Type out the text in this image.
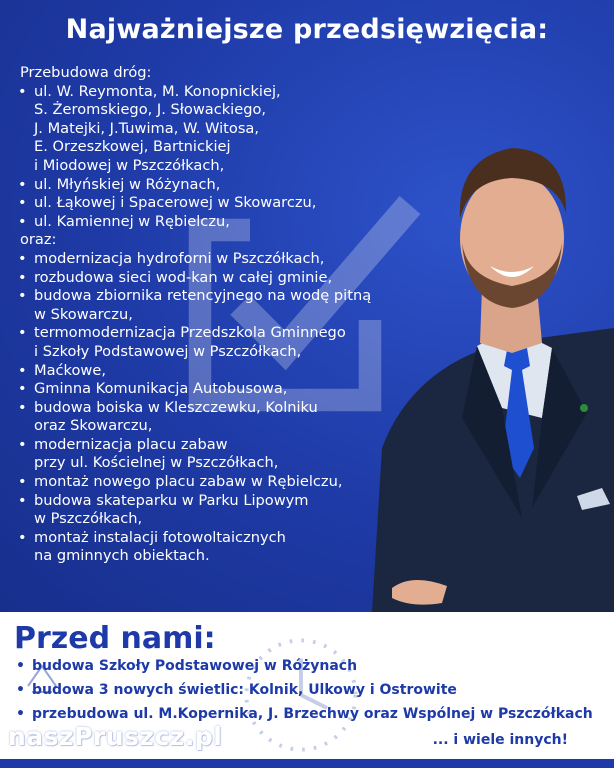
Najważniejsze przedsięwzięcia:
Przebudowa dróg:
• ul. W. Reymonta, M. Konopnickiej,
S. Żeromskiego, J. Słowackiego,
J. Matejki, J.Tuwima, W. Witosa,
E. Orzeszkowej, Bartnickiej
i Miodowej w Pszczółkach,
• ul. Młyńskiej w Różynach,
• ul. Łąkowej i Spacerowej w Skowarczu,
• ul. Kamiennej w Rębielczu,
oraz:
• modernizacja hydroforni w Pszczółkach,
• rozbudowa sieci wod-kan w całej gminie,
• budowa zbiornika retencyjnego na wodę pitną
w Skowarczu,
• termomodernizacja Przedszkola Gminnego
i Szkoły Podstawowej w Pszczółkach,
• Maćkowe,
• Gminna Komunikacja Autobusowa,
• budowa boiska w Kleszczewku, Kolniku
oraz Skowarczu,
• modernizacja placu zabaw
przy ul. Kościelnej w Pszczółkach,
• montaż nowego placu zabaw w Rębielczu,
• budowa skateparku w Parku Lipowym
w Pszczółkach,
• montaż instalacji fotowoltaicznych
na gminnych obiektach.
Przed nami:
• budowa Szkoły Podstawowej w Różynach
• budowa 3 nowych świetlic: Kolnik, Ulkowy i Ostrowite
• przebudowa ul. M.Kopernika, J. Brzechwy oraz Wspólnej w Pszczółkach
... i wiele innych!
naszPruszcz.pl
